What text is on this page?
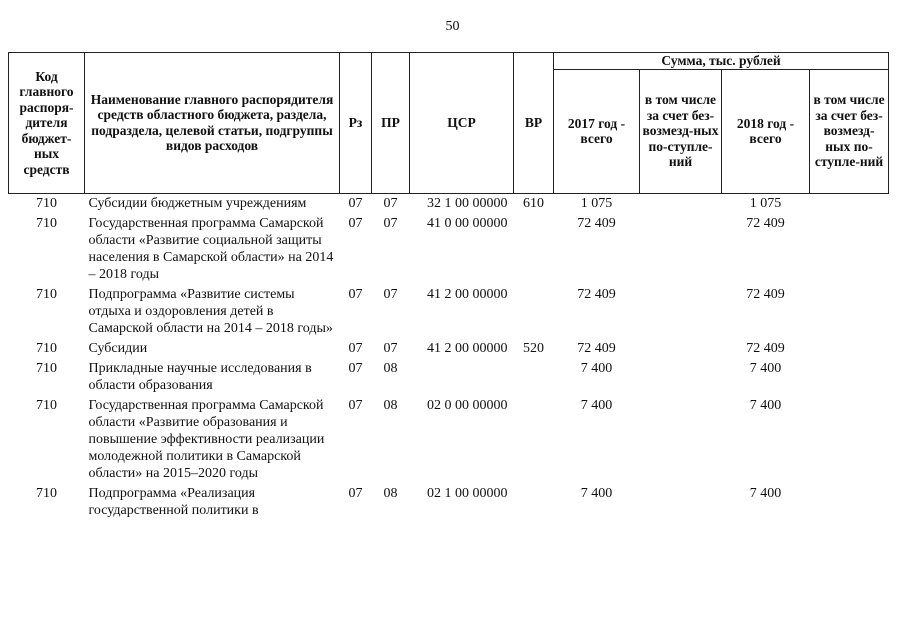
50
Код главного распоря-дителя бюджет-ных средств	Наименование главного распорядителя средств областного бюджета, раздела, подраздела, целевой статьи, подгруппы видов расходов	Рз	ПР	ЦСР	ВР	Сумма, тыс. рублей			
						2017 год - всего	в том числе за счет без-возмезд-ных по-ступле-ний	2018 год - всего	в том числе за счет без-возмезд-ных по-ступле-ний
710	Субсидии бюджетным учреждениям	07	07	32 1 00 00000	610	1 075		1 075	
710	Государственная программа Самарской области «Развитие социальной защиты населения в Самарской области» на 2014 – 2018 годы	07	07	41 0 00 00000		72 409		72 409	
710	Подпрограмма «Развитие системы отдыха и оздоровления детей в Самарской области на 2014 – 2018 годы»	07	07	41 2 00 00000		72 409		72 409	
710	Субсидии	07	07	41 2 00 00000	520	72 409		72 409	
710	Прикладные научные исследования в области образования	07	08			7 400		7 400	
710	Государственная программа Самарской области «Развитие образования и повышение эффективности реализации молодежной политики в Самарской области» на 2015–2020 годы	07	08	02 0 00 00000		7 400		7 400	
710	Подпрограмма «Реализация государственной политики в	07	08	02 1 00 00000		7 400		7 400	
